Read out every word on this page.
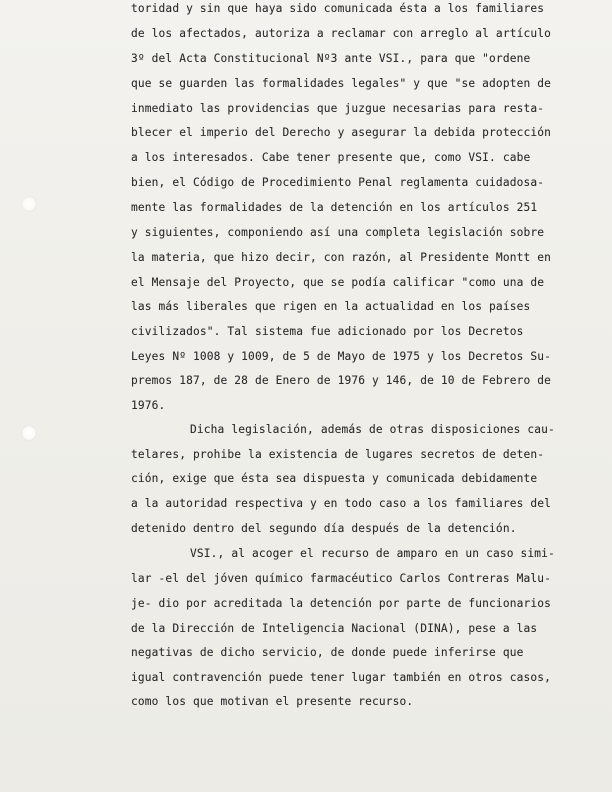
toridad y sin que haya sido comunicada ésta a los familiares
de los afectados, autoriza a reclamar con arreglo al artículo
3º del Acta Constitucional Nº3 ante VSI., para que "ordene
que se guarden las formalidades legales" y que "se adopten de
inmediato las providencias que juzgue necesarias para resta-
blecer el imperio del Derecho y asegurar la debida protección
a los interesados. Cabe tener presente que, como VSI. cabe
bien, el Código de Procedimiento Penal reglamenta cuidadosa-
mente las formalidades de la detención en los artículos 251
y siguientes, componiendo así una completa legislación sobre
la materia, que hizo decir, con razón, al Presidente Montt en
el Mensaje del Proyecto, que se podía calificar "como una de
las más liberales que rigen en la actualidad en los países
civilizados". Tal sistema fue adicionado por los Decretos
Leyes Nº 1008 y 1009, de 5 de Mayo de 1975 y los Decretos Su-
premos 187, de 28 de Enero de 1976 y 146, de 10 de Febrero de
1976.
Dicha legislación, además de otras disposiciones cau-
telares, prohibe la existencia de lugares secretos de deten-
ción, exige que ésta sea dispuesta y comunicada debidamente
a la autoridad respectiva y en todo caso a los familiares del
detenido dentro del segundo día después de la detención.
VSI., al acoger el recurso de amparo en un caso simi-
lar -el del jóven químico farmacéutico Carlos Contreras Malu-
je- dio por acreditada la detención por parte de funcionarios
de la Dirección de Inteligencia Nacional (DINA), pese a las
negativas de dicho servicio, de donde puede inferirse que
igual contravención puede tener lugar también en otros casos,
como los que motivan el presente recurso.
